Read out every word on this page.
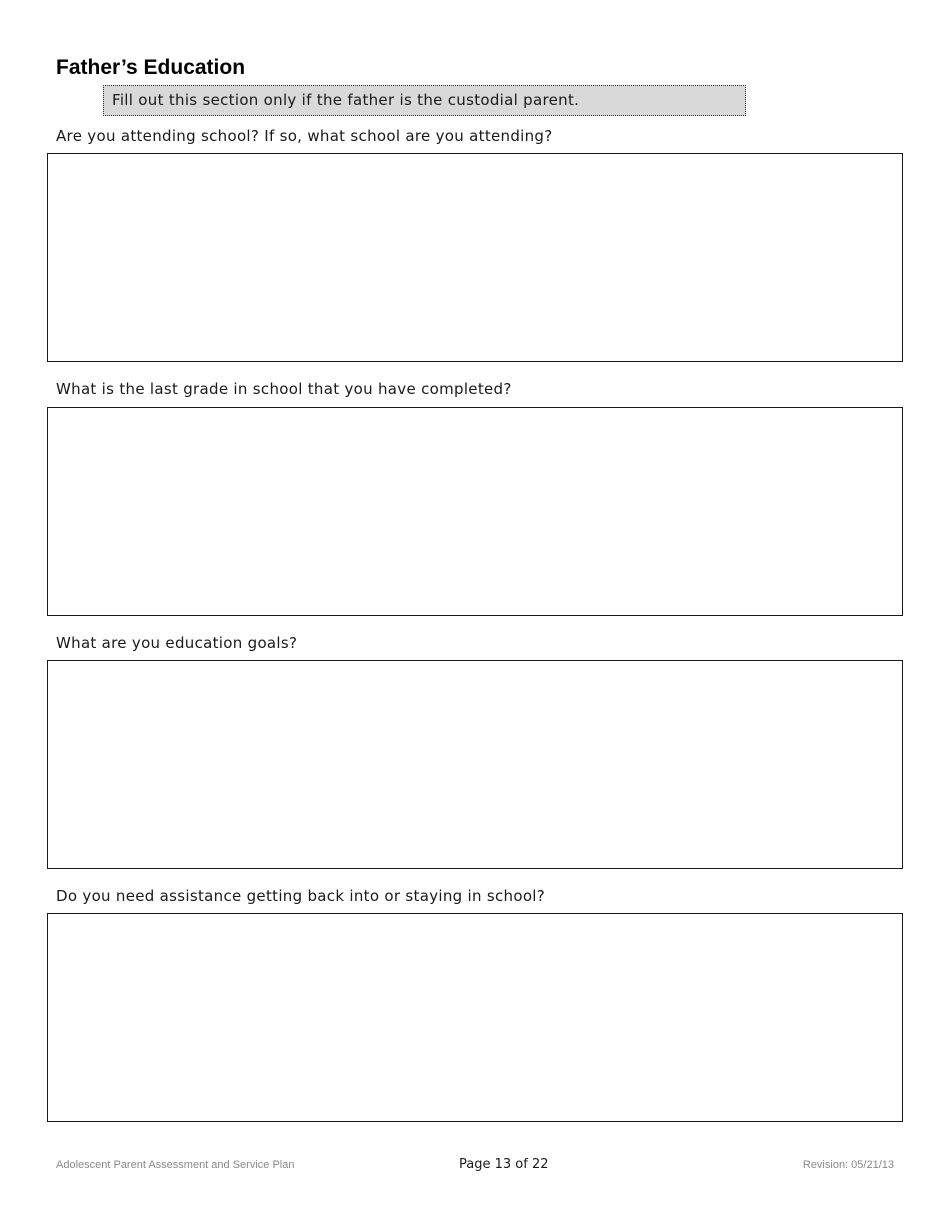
Father’s Education
Fill out this section only if the father is the custodial parent.

Are you attending school? If so, what school are you attending?

What is the last grade in school that you have completed?

What are you education goals?

Do you need assistance getting back into or staying in school?

Adolescent Parent Assessment and Service Plan	Page 13 of 22	Revision: 05/21/13
